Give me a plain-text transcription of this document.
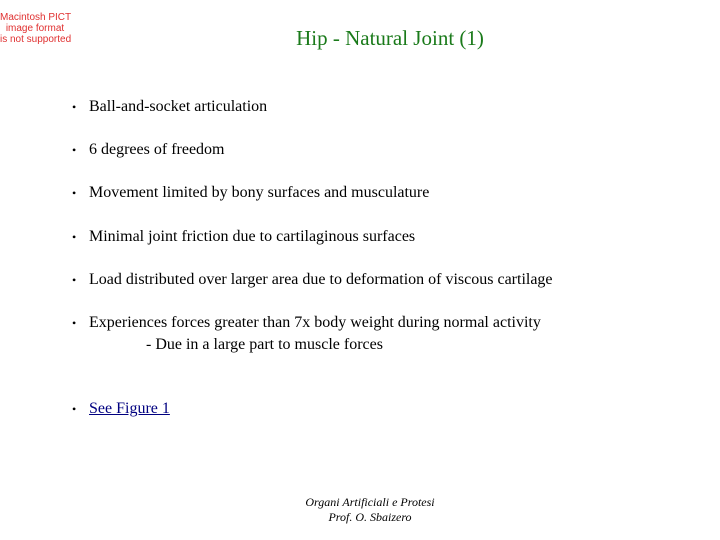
Macintosh PICT
image format
is not supported	Hip - Natural Joint (1)
• Ball-and-socket articulation
• 6 degrees of freedom
• Movement limited by bony surfaces and musculature
• Minimal joint friction due to cartilaginous surfaces
• Load distributed over larger area due to deformation of viscous cartilage
• Experiences forces greater than 7x body weight during normal activity
- Due in a large part to muscle forces
• See Figure 1
Organi Artificiali e Protesi
Prof. O. Sbaizero
